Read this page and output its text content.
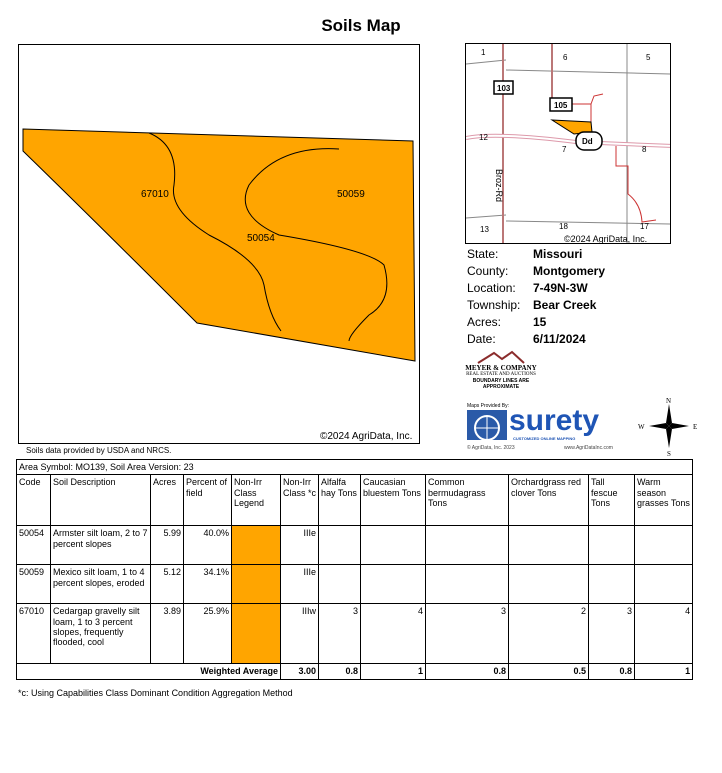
Soils Map
67010
50054
50059
©2024 AgriData, Inc.
Soils data provided by USDA and NRCS.
103
105
Dd
1
6	5
12
7	8
13	18	17
Broz-Rd
©2024 AgriData, Inc.
State:	Missouri
County: Montgomery
Location: 7-49N-3W
Township: Bear Creek
Acres:	15
Date:	6/11/2024
MEYER & COMPANY
REAL ESTATE AND AUCTIONS
BOUNDARY LINES ARE APPROXIMATE
Maps Provided By: surety
CUSTOMIZED ONLINE MAPPING
© AgriData, Inc. 2023	www.AgriDataInc.com
N
S
E
W
Area Symbol: MO139, Soil Area Version: 23											
Code	Soil Description	Acres	Percent of field	Non-Irr Class Legend	Non-Irr Class *c	Alfalfa hay Tons	Caucasian bluestem Tons	Common bermudagrass Tons	Orchardgrass red clover Tons	Tall fescue Tons	Warm season grasses Tons
50054	Armster silt loam, 2 to 7 percent slopes	5.99	40.0%		IIIe						
50059	Mexico silt loam, 1 to 4 percent slopes, eroded	5.12	34.1%		IIIe						
67010	Cedargap gravelly silt loam, 1 to 3 percent slopes, frequently flooded, cool	3.89	25.9%		IIIw	3	4	3	2	3	4
Weighted Average					3.00	0.8	1	0.8	0.5	0.8	1
*c: Using Capabilities Class Dominant Condition Aggregation Method
